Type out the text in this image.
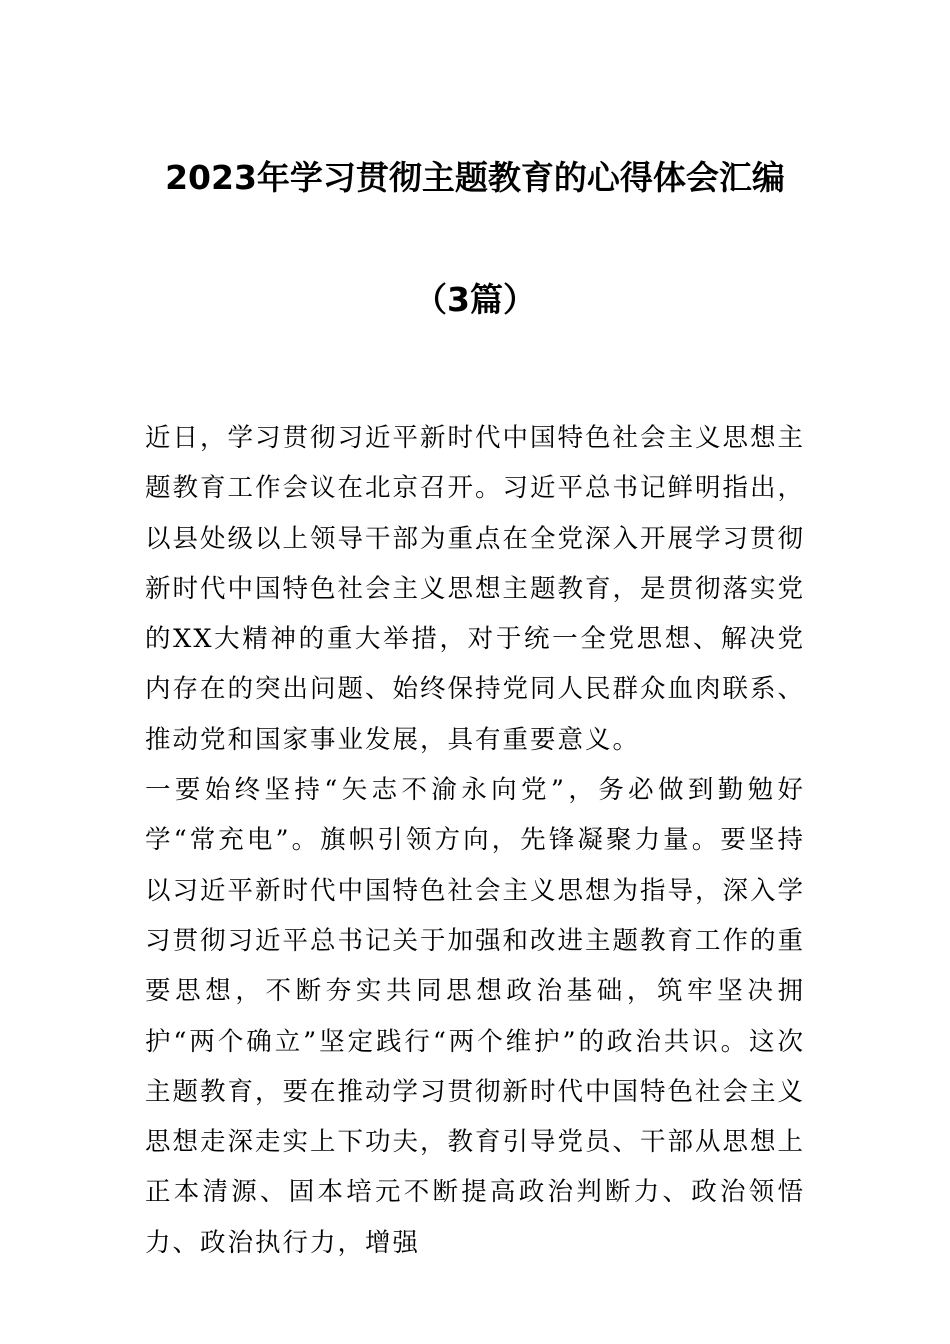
2023年学习贯彻主题教育的心得体会汇编
（3篇）

近日，学习贯彻习近平新时代中国特色社会主义思想主题教育工作会议在北京召开。习近平总书记鲜明指出，以县处级以上领导干部为重点在全党深入开展学习贯彻新时代中国特色社会主义思想主题教育，是贯彻落实党的XX大精神的重大举措，对于统一全党思想、解决党内存在的突出问题、始终保持党同人民群众血肉联系、推动党和国家事业发展，具有重要意义。

一要始终坚持“矢志不渝永向党”，务必做到勤勉好学“常充电”。旗帜引领方向，先锋凝聚力量。要坚持以习近平新时代中国特色社会主义思想为指导，深入学习贯彻习近平总书记关于加强和改进主题教育工作的重要思想，不断夯实共同思想政治基础，筑牢坚决拥护“两个确立”坚定践行“两个维护”的政治共识。这次主题教育，要在推动学习贯彻新时代中国特色社会主义思想走深走实上下功夫，教育引导党员、干部从思想上正本清源、固本培元不断提高政治判断力、政治领悟力、政治执行力，增强
